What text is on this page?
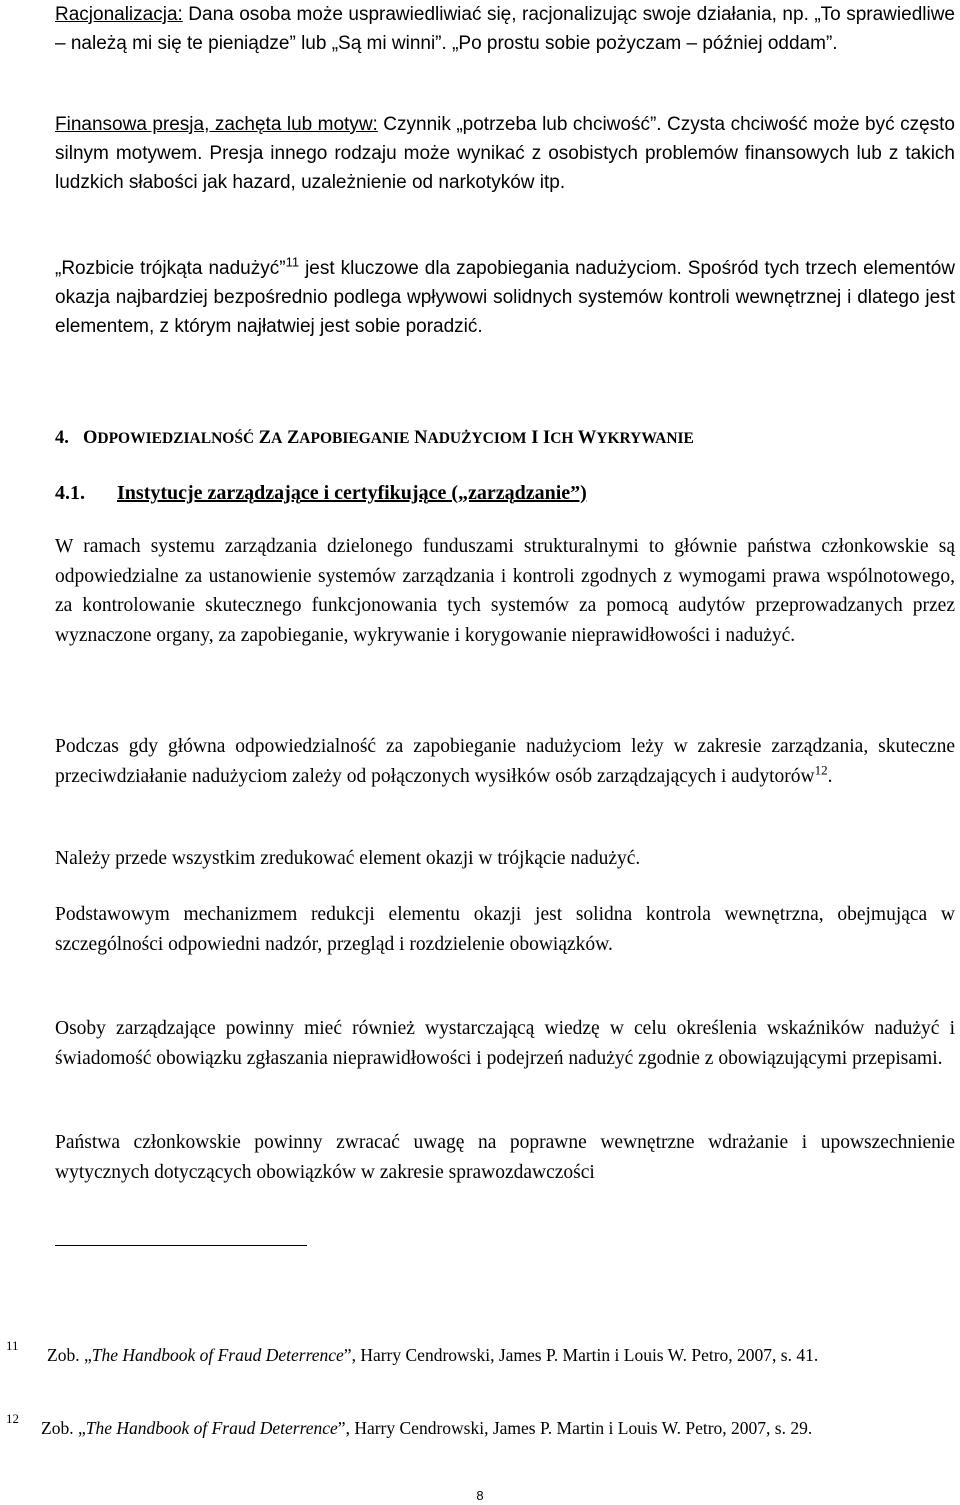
Racjonalizacja: Dana osoba może usprawiedliwiać się, racjonalizując swoje działania, np. „To sprawiedliwe – należą mi się te pieniądze” lub „Są mi winni”. „Po prostu sobie pożyczam – później oddam”.

Finansowa presja, zachęta lub motyw: Czynnik „potrzeba lub chciwość”. Czysta chciwość może być często silnym motywem. Presja innego rodzaju może wynikać z osobistych problemów finansowych lub z takich ludzkich słabości jak hazard, uzależnienie od narkotyków itp.

„Rozbicie trójkąta nadużyć”$^{11}$ jest kluczowe dla zapobiegania nadużyciom. Spośród tych trzech elementów okazja najbardziej bezpośrednio podlega wpływowi solidnych systemów kontroli wewnętrznej i dlatego jest elementem, z którym najłatwiej jest sobie poradzić.

4. ODPOWIEDZIALNOŚĆ ZA ZAPOBIEGANIE NADUŻYCIOM I ICH WYKRYWANIE
4.1. Instytucje zarządzające i certyfikujące („zarządzanie”)

W ramach systemu zarządzania dzielonego funduszami strukturalnymi to głównie państwa członkowskie są odpowiedzialne za ustanowienie systemów zarządzania i kontroli zgodnych z wymogami prawa wspólnotowego, za kontrolowanie skutecznego funkcjonowania tych systemów za pomocą audytów przeprowadzanych przez wyznaczone organy, za zapobieganie, wykrywanie i korygowanie nieprawidłowości i nadużyć.

Podczas gdy główna odpowiedzialność za zapobieganie nadużyciom leży w zakresie zarządzania, skuteczne przeciwdziałanie nadużyciom zależy od połączonych wysiłków osób zarządzających i audytorów$^{12}$.

Należy przede wszystkim zredukować element okazji w trójkącie nadużyć.

Podstawowym mechanizmem redukcji elementu okazji jest solidna kontrola wewnętrzna, obejmująca w szczególności odpowiedni nadzór, przegląd i rozdzielenie obowiązków.

Osoby zarządzające powinny mieć również wystarczającą wiedzę w celu określenia wskaźników nadużyć i świadomość obowiązku zgłaszania nieprawidłowości i podejrzeń nadużyć zgodnie z obowiązującymi przepisami.

Państwa członkowskie powinny zwracać uwagę na poprawne wewnętrzne wdrażanie i upowszechnienie wytycznych dotyczących obowiązków w zakresie sprawozdawczości

11	Zob. „The Handbook of Fraud Deterrence”, Harry Cendrowski, James P. Martin i Louis W. Petro, 2007, s. 41.

12 Zob. „The Handbook of Fraud Deterrence”, Harry Cendrowski, James P. Martin i Louis W. Petro, 2007, s. 29.

8
